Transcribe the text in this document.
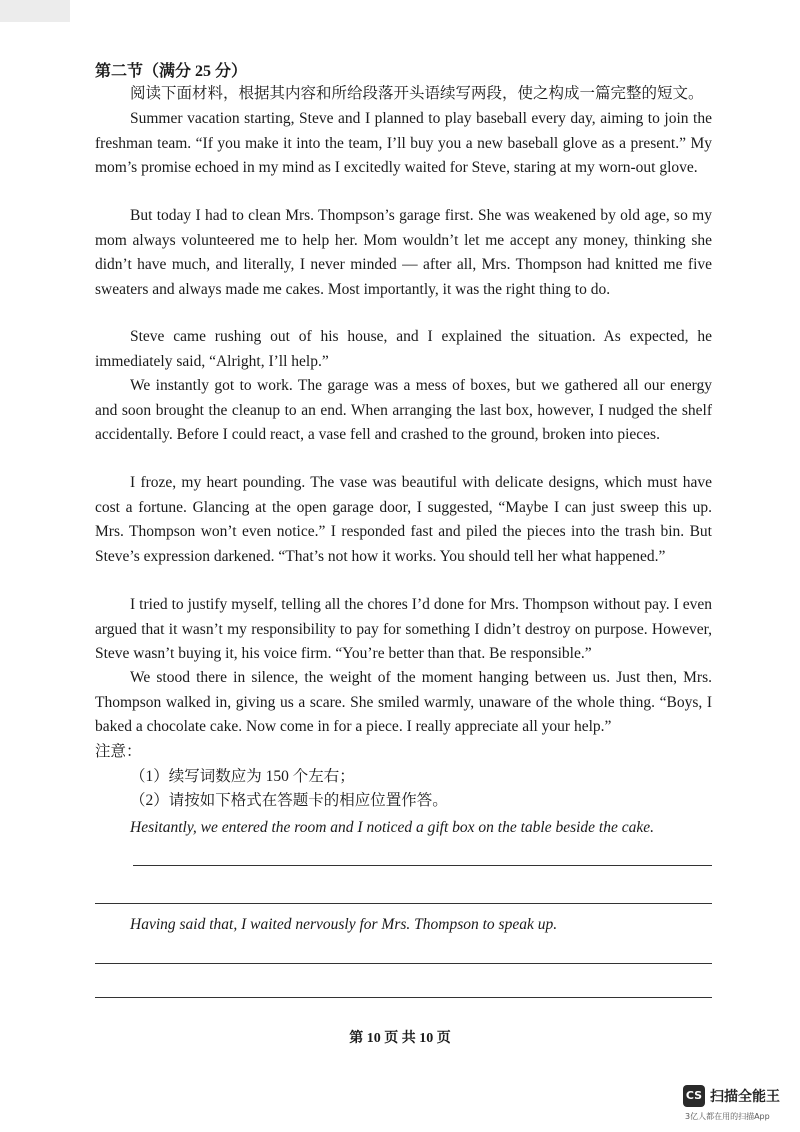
第二节（满分 25 分）

阅读下面材料，根据其内容和所给段落开头语续写两段，使之构成一篇完整的短文。

Summer vacation starting, Steve and I planned to play baseball every day, aiming to join the freshman team. “If you make it into the team, I’ll buy you a new baseball glove as a present.” My mom’s promise echoed in my mind as I excitedly waited for Steve, staring at my worn-out glove.

But today I had to clean Mrs. Thompson’s garage first. She was weakened by old age, so my mom always volunteered me to help her. Mom wouldn’t let me accept any money, thinking she didn’t have much, and literally, I never minded — after all, Mrs. Thompson had knitted me five sweaters and always made me cakes. Most importantly, it was the right thing to do.

Steve came rushing out of his house, and I explained the situation. As expected, he immediately said, “Alright, I’ll help.”

We instantly got to work. The garage was a mess of boxes, but we gathered all our energy and soon brought the cleanup to an end. When arranging the last box, however, I nudged the shelf accidentally. Before I could react, a vase fell and crashed to the ground, broken into pieces.

I froze, my heart pounding. The vase was beautiful with delicate designs, which must have cost a fortune. Glancing at the open garage door, I suggested, “Maybe I can just sweep this up. Mrs. Thompson won’t even notice.” I responded fast and piled the pieces into the trash bin. But Steve’s expression darkened. “That’s not how it works. You should tell her what happened.”

I tried to justify myself, telling all the chores I’d done for Mrs. Thompson without pay. I even argued that it wasn’t my responsibility to pay for something I didn’t destroy on purpose. However, Steve wasn’t buying it, his voice firm. “You’re better than that. Be responsible.”

We stood there in silence, the weight of the moment hanging between us. Just then, Mrs. Thompson walked in, giving us a scare. She smiled warmly, unaware of the whole thing. “Boys, I baked a chocolate cake. Now come in for a piece. I really appreciate all your help.”

注意：
（1）续写词数应为 150 个左右；
（2）请按如下格式在答题卡的相应位置作答。
Hesitantly, we entered the room and I noticed a gift box on the table beside the cake.
Having said that, I waited nervously for Mrs. Thompson to speak up.
第 10 页 共 10 页
CS 扫描全能王
3亿人都在用的扫描App
